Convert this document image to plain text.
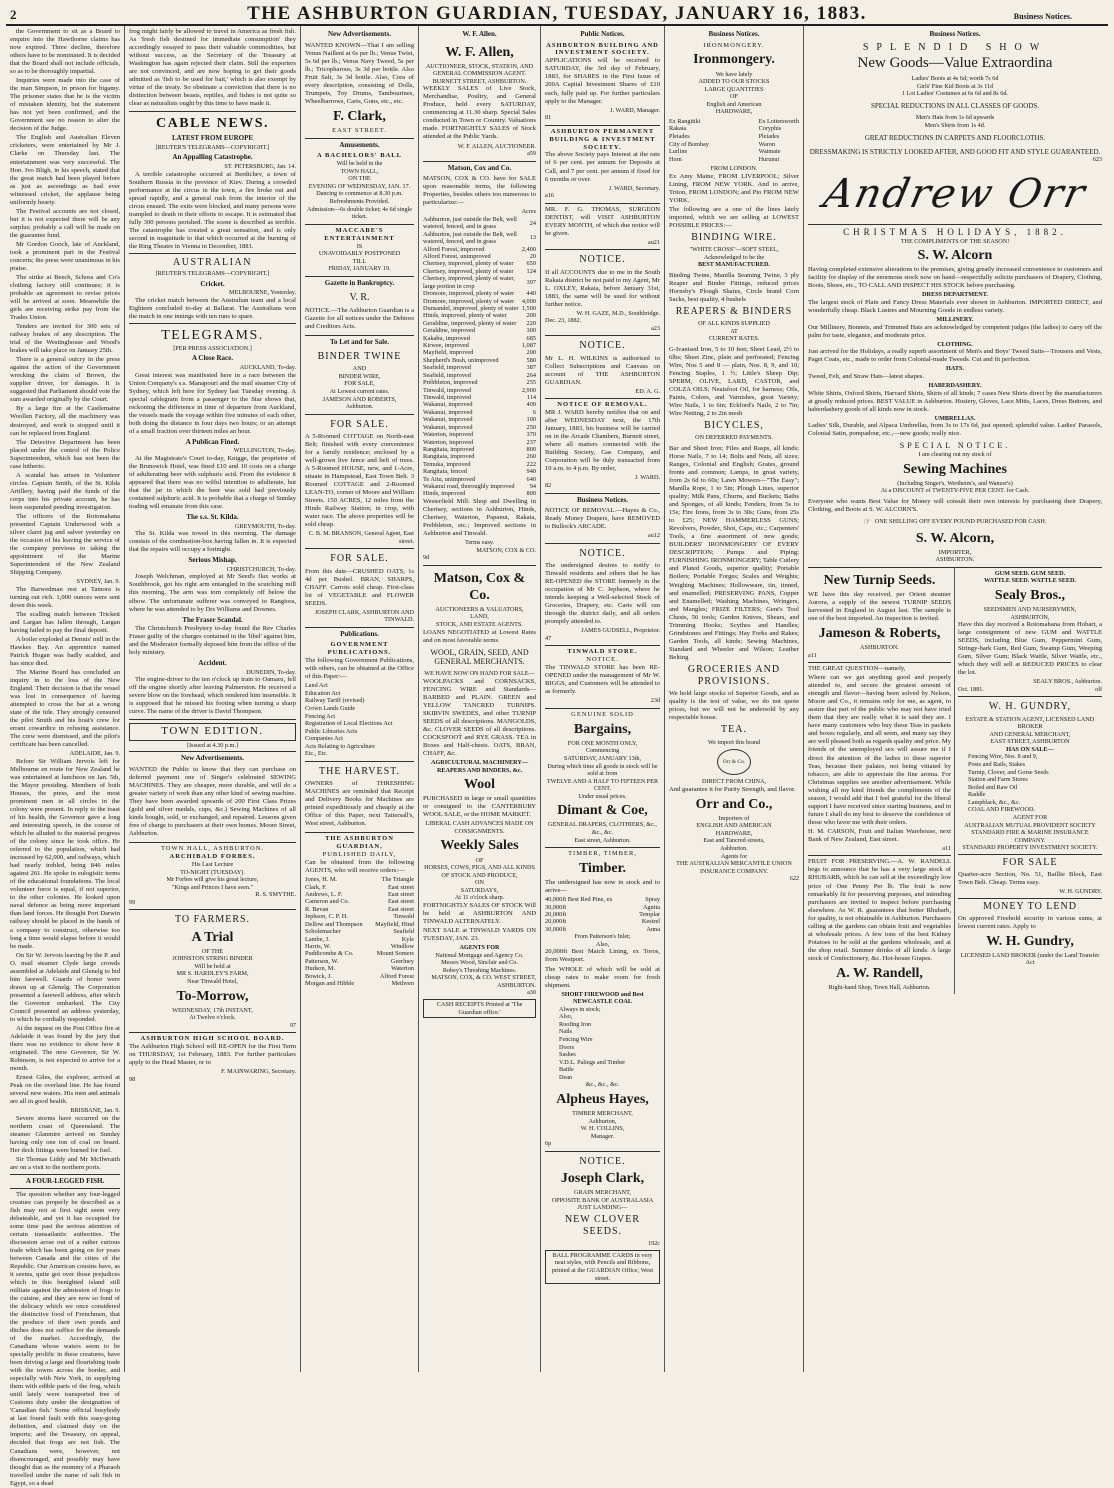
2	THE ASHBURTON GUARDIAN, TUESDAY, JANUARY 16, 1883.	Business Notices.

the Government to sit as a Board to enquire into the Hawthorne claims has now expired. Three decline, therefore others have to be nominated. It is decided that the Board shall not include officials, so as to be thoroughly impartial.

Inquiries were made into the case of the man Simpson, in prison for bigamy. The prisoner states that he is the victim of mistaken identity, but the statement has not yet been confirmed, and the Government see no reason to alter the decision of the Judge.

The English and Australian Eleven cricketers, were entertained by Mr J. Clarke on Thursday last. The entertainment was very successful. The Hon. Ivo Bligh, in his speech, stated that the great match had been played before as just as ascendings as had ever witnessed cricket, the applause being uniformly hearty.

The Festival accounts are not closed, but it is not expected there will be any surplus; probably a call will be made on the guarantee fund.

Mr Gordon Gooch, late of Auckland, took a prominent part in the Festival concerts; the press were unanimous in his praise.

The strike at Beech, Schoss and Co's clothing factory still continues; it is probable an agreement to revise prices will be arrived at soon. Meanwhile the girls are receiving strike pay from the Trades Union.

Tenders are invited for 300 sets of railway brakes of any description. The trial of the Westinghouse and Wood's brakes will take place on January 25th.

There is a general outcry in the press against the action of the Government wrecking the claim of Brown, the supplier driver, for damages. It is suggested that Parliament should vote the sum awarded originally by the Court.

By a large fire at the Castlemaine Woollen Factory, all the machinery was destroyed, and work is stopped until it can be replaced from England.

The Detective Department has been placed under the control of the Police Superintendent, which has not been the case hitherto.

A scandal has arisen in Volunteer circles. Captain Smith, of the St. Kilda Artillery, having paid the funds of the corps into his private account, he has been suspended pending investigation.

The officers of the Rotomahana presented Captain Underwood with a silver claret jug and salver yesterday on the occasion of his leaving the service of the company previous to taking the appointment of the Marine Superintendent of the New Zealand Shipping Company.

SYDNEY, Jan. 9.

The Barwedman rest at Tamora is turning out rich. 1,000 ounces were sent down this week.

The scalling match between Trickett and Largan has fallen through, Largan having failed to pay the final deposit.

A boiler exploded at Dennis' mill in the Hawkes Bay. An apprentice named Patrick Hogan was badly scalded, and has since died.

The Marine Board has concluded an inquiry in to the loss of the New England. Their decision is that the vessel was lost in consequence of having attempted to cross the bar at a wrong state of the tide. They strongly censured the pilot Smith and his boat's crew for errant cowardice in refusing assistance. The crew were dismissed, and the pilot's certificate has been cancelled.

ADELAIDE, Jan. 9.

Before Sir William Jervois left for Melbourne en route for New Zealand he was entertained at luncheon on Jan. 5th, the Mayor presiding. Members of both Houses, the press, and the most prominent men in all circles in the colony were present. In reply to the toast of his health, the Governor gave a long and interesting speech, in the course of which he alluded to the material progress of the colony since he took office. He referred to the population, which had increased by 62,000, and railways, which had nearly trebled, being 846 miles against 261. He spoke in eulogistic terms of the educational foundations. The local volunteer force is equal, if not superior, to the other colonies. He looked upon naval defence as being more important than land forces. He thought Port Darwin railway should be placed in the hands of a company to construct, otherwise too long a time would elapse before it would be made.

On Sir W. Jervois leaving by the P. and O. mail steamer Clyde large crowds assembled at Adelaide and Glenelg to bid him farewell. Guards of honor were drawn up at Glenelg. The Corporation presented a farewell address, after which the Governor embarked. The City Council presented an address yesterday, to which he cordially responded.

At the inquest on the Post Office fire at Adelaide it was found by the jury that there was no evidence to show how it originated. The new Governor, Sir W. Robinson, is not expected to arrive for a month.

Ernest Giles, the explorer, arrived at Peak on the overland line. He has found several new waters. His men and animals are all in good health.

BRISBANE, Jan. 9.

Severe storms have occurred on the northern coast of Queensland. The steamer Glanmire arrived on Sunday having only one ton of coal on board. Her deck fittings were burned for fuel.

Sir Thomas Liddy and Mr McIlwraith are on a visit to the northern ports.

A FOUR-LEGGED FISH.

The question whether any four-legged creature can properly be described as a fish may not at first sight seem very debateable, and yet it has occupied for some time past the serious attention of certain transatlantic authorities. The discussion arose out of a rather curious trade which has been going on for years between Canada and the cities of the Republic. Our American cousins have, as it seems, quite got over those prejudices which in this benighted island still militate against the admission of frogs to the cuisine, and they are now so fond of the delicacy which we once considered the distinctive food of Frenchmen, that the produce of their own ponds and ditches does not suffice for the demands of the market. Accordingly, the Canadians whose waters seem to be specially prolific in these creatures, have been driving a large and flourishing trade with the towns across the border, and especially with New York, in supplying them with edible parts of the frog, which until lately were transported free of Customs duty under the designation of 'Canadian fish.' Some official busybody at last found fault with this easy-going definition, and claimed duty on the imports; and the Treasury, on appeal, decided that frogs are not fish. The Canadians were, however, not disencouraged, and possibly may have thought that as the mummy of a Pharaoh travelled under the name of salt fish in Egypt, so a dead

frog might fairly be allowed to travel in America as fresh fish. As 'fresh fish destined for immediate consumption' they accordingly essayed to pass their valuable commodities, but without success, as the Secretary of the Treasury at Washington has again rejected their claim. Still the exporters are not convinced, and are now hoping to get their goods admitted as 'fish to be used for bait,' which is also exempt by virtue of the treaty. So obstinate a conviction that there is no distinction between beasts, reptiles, and fishes is not quite so clear as naturalists ought by this time to have made it.

CABLE NEWS.
LATEST FROM EUROPE
[REUTER'S TELEGRAMS—COPYRIGHT.]
An Appalling Catastrophe.
ST. PETERSBURG, Jan. 14.

A terrible catastrophe occurred at Berdichev, a town of Southern Russia in the province of Kiev. During a crowded performance at the circus in the town, a fire broke out and spread rapidly, and a general rush from the interior of the circus ensued. The exits were blocked, and many persons were trampled to death in their efforts to escape. It is estimated that fully 300 persons perished. The scene is described as terrible. The catastrophe has created a great sensation, and is only second in magnitude to that which occurred at the burning of the Ring Theatre in Vienna in December, 1881.

AUSTRALIAN
[REUTER'S TELEGRAMS—COPYRIGHT.]
Cricket.
MELBOURNE, Yesterday.

The cricket match between the Australian team and a local Eighteen concluded to-day at Ballarat. The Australians won the match in one innings with ten runs to spare.

TELEGRAMS.
[PER PRESS ASSOCIATION.]
A Close Race.
AUCKLAND, To-day.

Great interest was manifested here in a race between the Union Company's s.s. Manapouri and the mail steamer City of Sydney, which left here for Sydney last Tuesday evening. A special cablegram from a passenger to the Star shows that, reckoning the difference in time of departure from Auckland, the vessels made the voyage within five minutes of each other, both doing the distance in four days two hours; or an attempt of a small fraction over thirteen miles an hour.

A Publican Fined.
WELLINGTON, To-day.

At the Magistrate's Court to-day, Knigge, the proprietor of the Brunswick Hotel, was fined £10 and 10 costs on a charge of adulterating beer with sulphuric acid. From the evidence it appeared that there was no wilful intention to adulterate, but that the jar in which the beer was sold had previously contained sulphuric acid. It is probable that a charge of Sunday trading will emanate from this case.

The s.s. St. Kilda.
GREYMOUTH, To-day.

The St. Kilda was towed in this morning. The damage consists of the combustion-box having fallen in. It is expected that the repairs will occupy a fortnight.

Serious Mishap.
CHRISTCHURCH, To-day.

Joseph Welchman, employed at Mr Seed's flax works at Southbrook, got his right arm entangled in the scutching mill this morning. The arm was torn completely off below the elbow. The unfortunate sufferer was conveyed to Rangiora, where he was attended to by Drs Williams and Downes.

The Fraser Scandal.

The Christchurch Presbytery to-day found the Rev Charles Fraser guilty of the charges contained in the 'libel' against him, and the Moderator formally deposed him from the office of the holy ministry.

Accident.
DUNEDIN, To-day.

The engine-driver to the ten o'clock up train to Oamaru, fell off the engine shortly after leaving Palmerston. He received a severe blow on the forehead, which rendered him insensible. It is supposed that he missed his footing when turning a sharp curve. The name of the driver is David Thompson.

TOWN EDITION.
[Issued at 4.30 p.m.]
New Advertisements.

WANTED the Public to know that they can purchase on deferred payment one of Singer's celebrated SEWING MACHINES. They are cheaper, more durable, and will do a greater variety of work than any other kind of sewing machine. They have been awarded upwards of 200 First Class Prizes (gold and silver medals, cups, &c.) Sewing Machines of all kinds bought, sold, or exchanged, and repaired. Lessons given free of charge to purchasers at their own homes. Moore Street, Ashburton.

TOWN HALL, ASHBURTON.
ARCHIBALD FORBES.
His Last Lecture
TO-NIGHT (TUESDAY).
Mr Forbes will give his great lecture,
"Kings and Princes I have seen."
R. S. SMYTHE.
99
TO FARMERS.
A Trial
OF THE
JOHNSTON STRING BINDER
Will be held at
MR S. HARDLEY'S FARM,
Near Tinwald Hotel,
To-Morrow,
WEDNESDAY, 17th INSTANT,
At Twelve o'clock.
97
ASHBURTON HIGH SCHOOL BOARD.

The Ashburton High School will RE-OPEN for the First Term on THURSDAY, 1st February, 1883. For further particulars apply to the Head Master, or to

F. MAINWARING, Secretary.
98
New Advertisements.

WANTED KNOWN—That I am selling Venus Naillent at 6s per lb.; Venus Twist, 5s 6d per lb.; Venus Navy Tweed, 5s per lb.; Tricopharous, 3s 3d per bottle. Also Fruit Salt, 3s 3d bottle. Also, Cora of every description, consisting of Dolls, Trumpets, Toy Drums, Tambourines, Wheelbarrows, Carts, Guns, etc., etc.

F. Clark,
EAST STREET.
Amusements.
A BACHELORS' BALL
Will be held in the
TOWN HALL,
ON THE
EVENING OF WEDNESDAY, JAN. 17.
Dancing to commence at 8.30 p.m.
Refreshments Provided.
Admission—6s double ticket; 4s 6d single ticket.
MACCABE'S ENTERTAINMENT
IS
UNAVOIDABLY POSTPONED
TILL
FRIDAY, JANUARY 19.
Gazette in Bankruptcy.
V. R.

NOTICE.—The Ashburton Guardian is a Gazette for all notices under the Debtors and Creditors Acts.

To Let and for Sale.
BINDER TWINE
AND
BINDER WIRE,
FOR SALE,
At Lowest current rates.
JAMESON AND ROBERTS,
Ashburton.
FOR SALE.

A 5-Roomed COTTAGE on North-east Belt; finished with every convenience for a family residence; enclosed by a well-grown live fence and belt of trees. A 5-Roomed HOUSE, new, and 1-Acre, situate in Hampstead, East Town Belt. 3 Roomed COTTAGE and 2-Roomed LEAN-TO, corner of Moore and William Streets. 150 ACRES, 12 miles from the Hinds Railway Station; in crop, with water race. The above properties will be sold cheap.

C. B. M. BRANSON, General Agent, East street.
FOR SALE.

From this date—CRUSHED OATS, 1s 4d per Bushel. BRAN, SHARPS, CHAFF. Carrots sold cheap. First-class lot of VEGETABLE and FLOWER SEEDS.

JOSEPH CLARK, ASHBURTON AND TINWALD.
Publications.
GOVERNMENT PUBLICATIONS.

The following Government Publications, with others, can be obtained at the Office of this Paper:—

Land Act
Education Act
Railway Tariff (revised)
Crown Lands Guide
Fencing Act
Registration of Local Elections Act
Public Libraries Acts
Companies Act
Acts Relating to Agriculture
Etc., Etc.
THE HARVEST.

OWNERS of THRESHING MACHINES are reminded that Receipt and Delivery Books for Machines are printed expeditiously and cheaply at the Office of this Paper, next Tattersall's, West street, Ashburton.

THE ASHBURTON GUARDIAN,
PUBLISHED DAILY,

Can be obtained from the following AGENTS, who will receive orders:—

Jones, H. M.	The Triangle
Clark, F.	East street
Andrews, L. F.	East street
Cameron and Co.	East street
R. Bevan	East street
Jephson, C. P. H.	Tinwald
Dellow and Thompson	Mayfield, Hind
Scholemacher	Seafield
Lambe, J.	Kyle
Harris, W.	Windlow
Puddicombe & Co.	Mount Somers
Patterson, W.	Geerlney
Hudson, M.	Waterton
Bowick, J.	Alford Forest
Morgan and Hibble	Methven
W. F. Allen.
W. F. Allen,
AUCTIONEER, STOCK, STATION, AND
GENERAL COMMISSION AGENT.
BURNETT STREET, ASHBURTON.

WEEKLY SALES of Live Stock, Merchandise, Poultry, and General Produce, held every SATURDAY, commencing at 11.30 sharp. Special Sales conducted in Town or Country. Valuations made. FORTNIGHTLY SALES of Stock attended at the Public Yards.

W. F. ALLEN, AUCTIONEER.
a59
Matson, Cox and Co.

MATSON, COX & CO. have for SALE upon reasonable terms, the following Properties, besides others too numerous to particularize:—

Acres
Ashburton, just outside the Belt, well watered, fenced, and in grass	24
Ashburton, just outside the Belt, well watered, fenced, and in grass	13
Alford Forest, improved	2,400
Alford Forest, unimproved	20
Chertsey, improved, plenty of water	650
Chertsey, improved, plenty of water	124
Chertsey, improved, plenty of water, large portion in crop	397
Dromore, improved, plenty of water	440
Dromore, improved, plenty of water	4,000
Dunsandel, improved, plenty of water	1,500
Hinds, improved, plenty of water	200
Geraldine, improved, plenty of water	220
Geraldine, improved	300
Kakahu, improved	685
Kirwee, improved	1,087
Mayfield, improved	200
Shepherd's Bush, unimproved	580
Seafield, improved	387
Seafield, improved	264
Prebbleton, improved	255
Tinwald, improved	2,900
Tinwald, improved	114
Wakanui, improved	409
Wakanui, improved	6
Wakanui, improved	100
Wakanui, improved	250
Waterton, improved	370
Waterton, improved	237
Rangitata, improved	800
Rangitata, improved	260
Temuka, improved	222
Rangitata, fenced	940
Te Aitu, unimproved	640
Wakanui road, thoroughly improved	94
Hinds, improved	800

Westerfield Mill: Shop and Dwelling in Chertsey, sections in Ashburton, Hinds, Chertsey, Waterton, Papanui, Rakaia, Prebbleton, etc.; Improved sections in Ashburton and Tinwald.

Terms easy.
MATSON, COX & CO.
9d
Matson, Cox & Co.
AUCTIONEERS & VALUATORS,
LAND,
STOCK, AND ESTATE AGENTS.

LOANS NEGOTIATED at Lowest Rates and on most favorable terms.

WOOL, GRAIN, SEED, AND GENERAL MERCHANTS.
WE HAVE NOW ON HAND FOR SALE—

WOOLPACKS and CORNSACKS, FENCING WIRE and Standards—BARBED and PLAIN. GREEN and YELLOW TANCRED TURNIPS. SKIRVIN SWEDES, and other TURNIP SEEDS of all descriptions. MANGOLDS, &c. CLOVER SEEDS of all descriptions. COCKSFOOT and RYE GRASS. TEA in Boxes and Half-chests. OATS, BRAN, CHAFF, &c.

AGRICULTURAL MACHINERY—REAPERS AND BINDERS, &c.
Wool

PURCHASED in large or small quantities or consigned to the CANTERBURY WOOL SALE, or the HOME MARKET.

LIBERAL CASH ADVANCES MADE ON CONSIGNMENTS.
Weekly Sales
OF
HORSES, COWS, PIGS, AND ALL KINDS OF STOCK AND PRODUCE,
ON
SATURDAYS,
At 11 o'clock sharp.

FORTNIGHTLY SALES OF STOCK Will be held at ASHBURTON AND TINWALD ALTERNATELY.

NEXT SALE at TINWALD YARDS ON TUESDAY, JAN. 23.

AGENTS FOR
National Mortgage and Agency Co.
Messrs Wood, Sinclair and Co.
Robey's Threshing Machines.
MATSON, COX, & CO. WEST STREET, ASHBURTON.
a30
CASH RECEIPTS Printed at 'The Guardian office.'
Public Notices.
ASHBURTON BUILDING AND INVESTMENT SOCIETY.

APPLICATIONS will be received to SATURDAY, the 3rd day of February, 1883, for SHARES in the First Issue of 200A Capital Investment Shares of £10 each, fully paid up. For further particulars apply to the Manager.

J. WARD, Manager.
81
ASHBURTON PERMANENT BUILDING & INVESTMENT SOCIETY.

The above Society pays Interest at the rate of 6 per cent. per annum for Deposits at Call, and 7 per cent. per annum if fixed for 6 months or over.

J. WARD, Secretary.
a16

MR. F. G. THOMAS, SURGEON DENTIST, will VISIT ASHBURTON EVERY MONTH, of which due notice will be given.

au21
NOTICE.

If all ACCOUNTS due to me in the South Rakaia district be not paid to my Agent, Mr L. OXLEY, Rakaia, before January 31st, 1883, the same will be sued for without further notice.

W. H. GAZE, M.D., Southbridge.
Dec. 23, 1882.
a23
NOTICE.

Mr L. H. WILKINS is authorised to Collect Subscriptions and Canvass on account of THE ASHBURTON GUARDIAN.

ED. A. G.
NOTICE OF REMOVAL.

MR J. WARD hereby notifies that on and after WEDNESDAY next, the 17th January, 1883, his business will be carried on in the Arcade Chambers, Burnett street, where all matters connected with the Building Society, Gas Company, and Corporation will be duly transacted from 10 a.m. to 4 p.m. By order,

J. WARD.
82
Business Notices.

NOTICE OF REMOVAL.—Hayes & Co., Ready Money Drapers, have REMOVED to Bullock's ARCADE.

au12
NOTICE.

The undersigned desires to notify to Tinwald residents and others that he has RE-OPENED the STORE formerly in the occupation of Mr C. Jephson, where he intends keeping a Well-selected Stock of Groceries, Drapery, etc. Carts will run through the district daily, and all orders promptly attended to.

JAMES GUDSELL, Proprietor.
47
TINWALD STORE.
NOTICE.

The TINWALD STORE has been RE-OPENED under the management of Mr W. BIGGS, and Customers will be attended to as formerly.

23d
GENUINE SOLID
Bargains,
FOR ONE MONTH ONLY,
Commencing
SATURDAY, JANUARY 13th,
During which time all goods in stock will be sold at from
TWELVE AND A HALF TO FIFTEEN PER CENT.
Under usual prices.
Dimant & Coe,
GENERAL DRAPERS, CLOTHIERS, &c., &c., &c.
East street, Ashburton.
TIMBER, TIMBER,
Timber.

The undersigned has now in stock and to arrive—

40,000ft Best Red Pine, ex	Spray
30,000ft	Agnita
20,000ft	Templar
20,000ft	Kestrel
30,000ft	Anna
From Patterson's Inlet;
Also,

20,000ft Best Match Lining, ex Toros, from Westport.

The WHOLE of which will be sold at cheap rates to make room for fresh shipment.

SHORT FIREWOOD and Best NEWCASTLE COAL
Always in stock;
Also,
Roofing Iron
Nails
Fencing Wire
Doors
Sashes
V.D.L. Palings and Timber
Battle
Dean
&c., &c., &c.
Alpheus Hayes,
TIMBER MERCHANT,
Ashburton,
W. H. COLLINS,
Manager.
6p
NOTICE.
Joseph Clark,
GRAIN MERCHANT,
OPPOSITE BANK OF AUSTRALASIA
JUST LANDING—
NEW CLOVER SEEDS.
192c
BALL PROGRAMME CARDS in very neat styles, with Pencils and Ribbons, printed at the GUARDIAN Office, West street.
Business Notices.
IRONMONGERY.
Ironmongery.
We have lately
ADDED TO OUR STOCKS
LARGE QUANTITIES
OF
English and American
HARDWARE,
Ex Rangitiki
Rakaia
Pleiades
City of Bombay
Lurline
Horn
Ex Lottersworth
Coryphis
Pleiades
Waron
Waimate
Hurunui
FROM LONDON.

Ex Amy Maine, FROM LIVERPOOL; Silver Lining, FROM NEW YORK. And to arrive, Triton, FROM LONDON; and Pio FROM NEW YORK.

The following are a one of the lines lately imported, which we are selling at LOWEST POSSIBLE PRICES:—

BINDING WIRE.
"WHITE CROSS"—SOFT STEEL,
Acknowledged to be the
BEST MANUFACTURED.

Binding Twine, Manilla Seaming Twine, 3 ply Reaper and Binder Fittings, reduced prices Hornsby's Plough Shares, Circle brand Corn Sacks, best quality, 4 bushels

REAPERS & BINDERS
OF ALL KINDS SUPPLIED
AT
CURRENT RATES.

G-Ivanised Iron, 5 to 10 feet; Sheet Lead, 2½ to 6lbs; Sheet Zinc, plain and perforated; Fencing Wire, Nos 5 and 8 — plain, Nos. 8, 9, and 10; Fencing Staples, 1 ½; Little's Sheep Dip; SPERM, OLIVE, LARD, CASTOR, and COLZA OILS; Neatsfoot Oil, for harness; Oils, Paints, Colors, and Varnishes, great Variety; Wire Nails, 1 to 6in; Eckford's Nails, 2 to 7in; Wire Netting, 2 to 2in mesh

BICYCLES,
ON DEFERRED PAYMENTS.

Bar and Sheet Iron; Files and Rasps, all kinds; Horse Nails, 7 to 14; Bolts and Nuts, all sizes; Ranges, Colonial and English; Grates, ground fronts and common; Lamps, in great variety, from 2s 6d to 60s; Lawn Mowers—"The Easy"; Manilla Rope, 1 to 5in; Plough Lines, superior quality; Milk Pans, Churns, and Buckets; Baths and Sponges, of all kinds; Fenders, from 5s to 15s; Fire Irons, from 3s to 30s; Guns, from 25s to £25; NEW HAMMERLESS GUNS; Revolvers, Powder, Shot, Caps, etc.; Carpenters' Tools, a fine assortment of new goods; BUILDERS' IRONMONGERY OF EVERY DESCRIPTION; Pumps and Piping; FURNISHING IRONMONGERY; Table Cutlery and Plated Goods, superior quality; Portable Boilers; Portable Forges; Scales and Weights; Weighing Machines; Hollowware, tin, tinned, and enamelled; PRESERVING PANS, Copper and Enamelled; Washing Machines, Wringers, and Mangles; FRIZE FILTERS; Gent's Tool Chests, 56 tools; Garden Knives, Shears, and Trimming Hooks; Scythes and Handles; Grindstones and Fittings; Hay Forks and Rakes; Garden Tools, all kinds; Sewing Machines, Standard and Wheeler and Wilson; Leather Belting

GROCERIES AND PROVISIONS.

We hold large stocks of Superior Goods, and as quality is the test of value, we do not quote prices, but we will not be undersold by any respectable house.

TEA.
We import this brand
Orr & Co.
DIRECT FROM CHINA,

And guarantee it for Purity Strength, and flavor.

Orr and Co.,
Importers of
ENGLISH AND AMERICAN
HARDWARE,
East and Tancred streets,
Ashburton.
Agents for
THE AUSTRALIAN MERCANTILE UNION INSURANCE COMPANY.
622
Business Notices.
SPLENDID SHOW
New Goods—Value Extraordina
Ladies' Boots at 4s 6d; worth 7s 6d
Girls' Fine Kid Boots at 3s 11d
1 Lot Ladies' Costumes at 6s 6d and 8s 6d.
SPECIAL REDUCTIONS IN ALL CLASSES OF GOODS.
Men's Hats from 1s 6d upwards
Men's Shirts from 1s 4d.
GREAT REDUCTIONS IN CARPETS AND FLOORCLOTHS.
DRESSMAKING IS STRICTLY LOOKED AFTER, AND GOOD FIT AND STYLE GUARANTEED.
623
Andrew Orr
CHRISTMAS HOLIDAYS, 1882.
THE COMPLIMENTS OF THE SEASON!
S. W. Alcorn

Having completed extensive alterations to the premises, giving greatly increased convenience to customers and facility for display of the enormous stock now on hand—respectfully solicits purchasers of Drapery, Clothing, Boots, Shoes, etc., TO CALL AND INSPECT HIS STOCK before purchasing.

DRESS DEPARTMENT.

The largest stock of Plain and Fancy Dress Materials ever shown in Ashburton. IMPORTED DIRECT, and wonderfully cheap. Black Lustres and Mourning Goods in endless variety.

MILLINERY.

Our Millinery, Bonnets, and Trimmed Hats are acknowledged by competent judges (the ladies) to carry off the palm for taste, elegance, and moderate price.

CLOTHING.

Just arrived for the Holidays, a really superb assortment of Men's and Boys' Tweed Suits—Trousers and Vests, Paget Coats, etc., made to order from Colonial-made Tweeds. Cut and fit perfection.

HATS.

Tweed, Felt, and Straw Hats—latest shapes.

HABERDASHERY.

White Shirts, Oxford Shirts, Harvard Shirts, Shirts of all kinds; 7 cases New Shirts direct by the manufacturers at greatly reduced prices. BEST VALUE in Ashburton. Hosiery, Gloves, Lace Mitts, Laces, Dress Buttons, and haberdashery goods of all kinds now in stock.

UMBRELLAS.

Ladies' Silk, Durable, and Alpaca Umbrellas, from 3s to 17s 6d, just opened; splendid value. Ladies' Parasols, Colonial Satin, pompadour, etc.,—new goods; really nice.

SPECIAL NOTICE.
I am clearing out my stock of
Sewing Machines
(Including Singer's, Wertheim's, and Wanzer's)
At a DISCOUNT of TWENTY-FIVE PER CENT. for Cash.

Everyone who wants Best Value for Money will consult their own interests by purchasing their Drapery, Clothing, and Boots at S. W. ALCORN'S.

☞ ONE SHILLING OFF EVERY POUND PURCHASED FOR CASH.
S. W. Alcorn,
IMPORTER,
ASHBURTON.
New Turnip Seeds.

WE have this day received, per Orient steamer Aurora, a supply of the newest TURNIP SEEDS harvested in England in August last. The sample is one of the best imported. An inspection is invited.

Jameson & Roberts,
ASHBURTON.
a11

THE GREAT QUESTION—namely,

Where can we get anything good and properly attended to, and secure the greatest amount of strength and flavor—having been solved by Nelson, Moore and Co., it remains only for me, as agent, to assure that part of the public who may not have tried them that they are really what it is said they are. I have many customers who buy these Teas in packets and boxes regularly, and all seem, and many say they are well pleased both as regards quality and price. My friends of the unemployed sex will assure me if I direct the attention of the ladies to these superior Teas, because their palates, not being vitiated by tobacco, are able to appreciate the fine aroma. For Christmas supplies see another advertisement. While wishing all my kind friends the compliments of the season, I would add that I feel grateful for the liberal support I have received since starting business, and in future I shall do my best to deserve the confidence of those who favor me with their orders.

H. M. CARSON, Fruit and Italian Warehouse, next Bank of New Zealand, East street.

a11

FRUIT FOR PRESERVING.—A. W. RANDELL begs to announce that he has a very large stock of RHUBARB, which he can sell at the exceedingly low price of One Penny Per lb. The fruit is now remarkably fit for preserving purposes, and intending purchasers are invited to inspect before purchasing elsewhere. As W. R. guarantees that better Rhubarb, for quality, is not obtainable in Ashburton. Purchasers calling at the gardens can obtain fruit and vegetables at wholesale prices. A few tons of the best Kidney Potatoes to be sold at the gardens wholesale, and at the shop retail. Summer drinks of all kinds. A large stock of Confectionery, &c. Hot-house Grapes.

A. W. Randell,
Right-hand Shop, Town Hall, Ashburton.
GUM SEED. GUM SEED.
WATTLE SEED. WATTLE SEED.
Sealy Bros.,
SEEDSMEN AND NURSERYMEN,
ASHBURTON,

Have this day received a Rotomahana from Hobart, a large consignment of new GUM and WATTLE SEEDS, including Blue Gum, Peppermint Gum, Stringy-bark Gum, Red Gum, Swamp Gum, Weeping Gum, Silver Gum; Black Wattle, Silver Wattle, etc., which they will sell at REDUCED PRICES to clear the lot.

SEALY BROS., Ashburton.
Oct. 1881.	olf
W. H. GUNDRY,
ESTATE & STATION AGENT, LICENSED LAND BROKER
AND GENERAL MERCHANT,
EAST STREET, ASHBURTON
HAS ON SALE—
Fencing Wire, Nos. 8 and 9,
Posts and Rails, Stakes
Turnip, Clover, and Gorse Seeds
Station and Farm Stores
Boiled and Raw Oil
Raddle
Lampblack, &c., &c.
COAL AND FIREWOOD.
AGENT FOR
AUSTRALIAN MUTUAL PROVIDENT SOCIETY
STANDARD FIRE & MARINE INSURANCE COMPANY.
STANDARD PROPERTY INVESTMENT SOCIETY.
FOR SALE

Quarter-acre Section, No. 51, Baillie Block, East Town Belt. Cheap. Terms easy.

W. H. GUNDRY.
MONEY TO LEND

On approved Freehold security in various sums, at lowest current rates. Apply to

W. H. Gundry,
LICENSED LAND BROKER (under the Land Transfer Act
